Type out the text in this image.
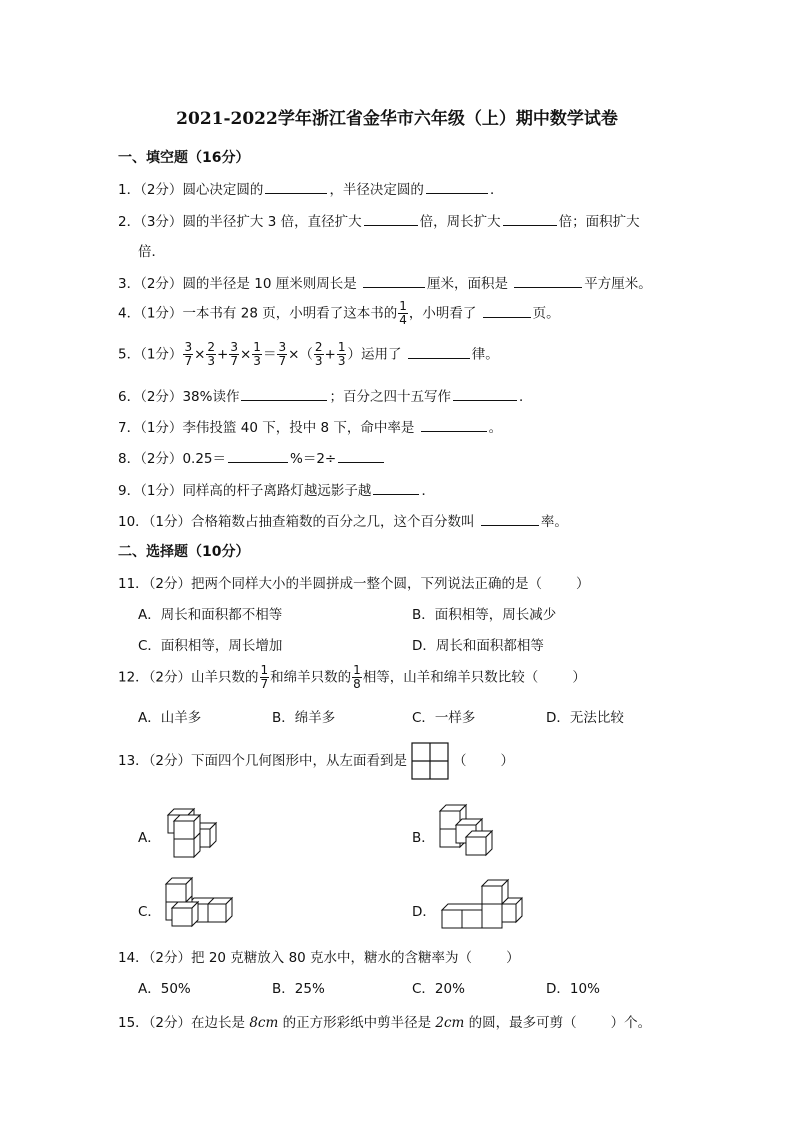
2021-2022学年浙江省金华市六年级（上）期中数学试卷
一、填空题（16分）
1．（2分）圆心决定圆的	，半径决定圆的	．
2．（3分）圆的半径扩大 3 倍，直径扩大	倍，周长扩大	倍；面积扩大
倍．
3．（2分）圆的半径是 10 厘米则周长是	厘米，面积是	平方厘米。
4．（1分）一本书有 28 页，小明看了这本书的 $\frac{1}{4}$ ，小明看了	页。
5．（1分） $\frac{3}{7} \times \frac{2}{3} + \frac{3}{7} \times \frac{1}{3} = \frac{3}{7}$ ×（ $\frac{2}{3} + \frac{1}{3}$ ）运用了	律。
6．（2分）38%读作	；百分之四十五写作	．
7．（1分）李伟投篮 40 下，投中 8 下，命中率是	。
8．（2分）0.25＝	%＝2÷
9．（1分）同样高的杆子离路灯越远影子越	．
10．（1分）合格箱数占抽查箱数的百分之几，这个百分数叫	率。
二、选择题（10分）
11．（2分）把两个同样大小的半圆拼成一整个圆，下列说法正确的是（	）
A．周长和面积都不相等	B．面积相等，周长减少
C．面积相等，周长增加	D．周长和面积都相等
12．（2分）山羊只数的 $\frac{1}{7}$ 和绵羊只数的 $\frac{1}{8}$ 相等，山羊和绵羊只数比较（	）
A．山羊多	B．绵羊多	C．一样多	D．无法比较
13．（2分）下面四个几何图形中，从左面看到是	（	）
A．	B．
C．	D．
14．（2分）把 20 克糖放入 80 克水中，糖水的含糖率为（	）
A．50%	B．25%	C．20%	D．10%
15．（2分）在边长是 8cm 的正方形彩纸中剪半径是 2cm 的圆，最多可剪（	）个。
